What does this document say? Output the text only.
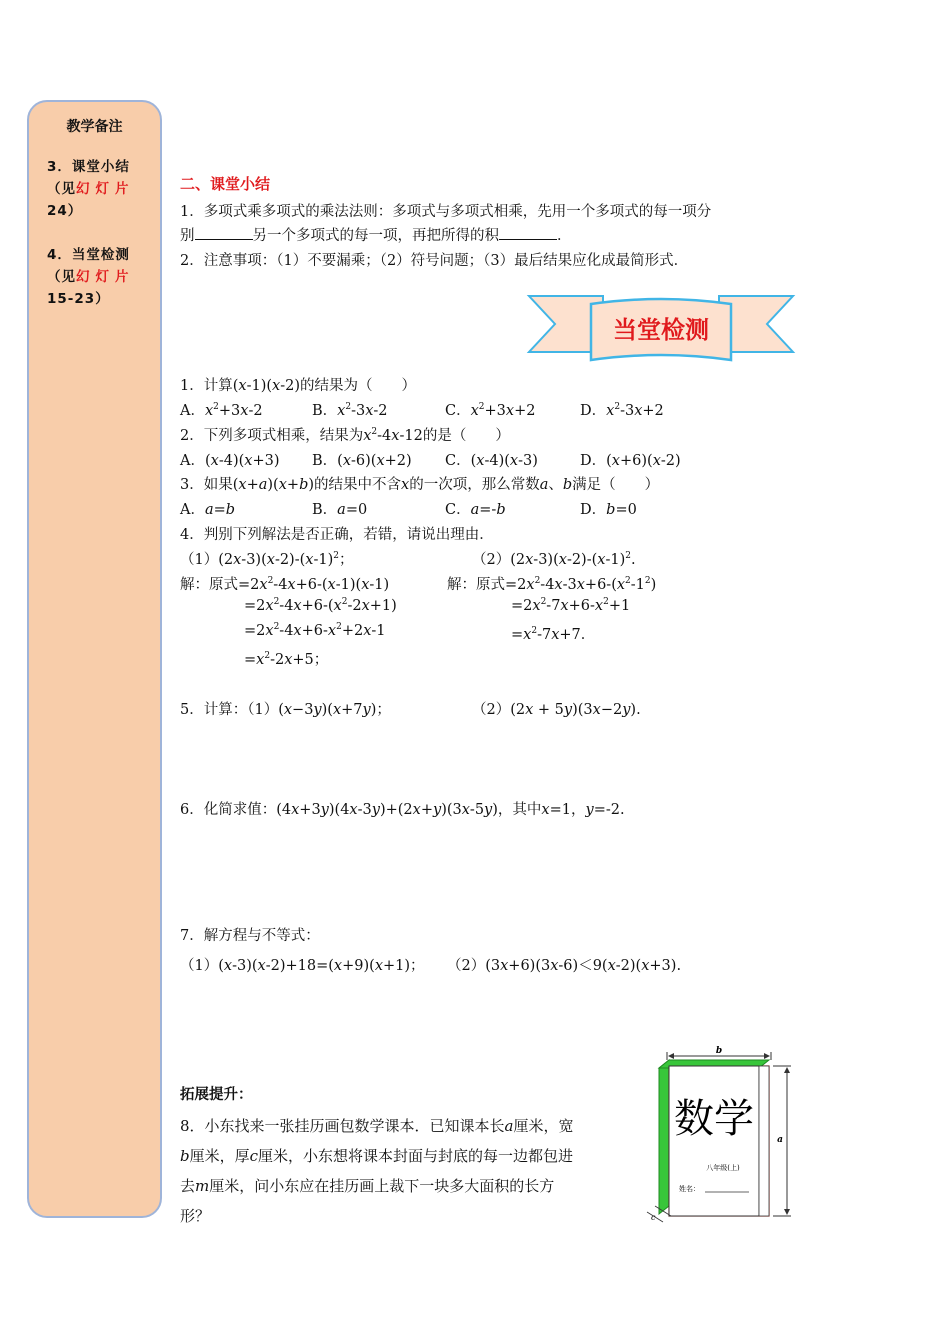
教学备注
3．课堂小结
（见幻灯片
24）
4．当堂检测
（见幻灯片
15-23）
二、课堂小结
1．多项式乘多项式的乘法法则：多项式与多项式相乘，先用一个多项式的每一项分
别	另一个多项式的每一项，再把所得的积	．
2．注意事项：（1）不要漏乘；（2）符号问题；（3）最后结果应化成最简形式．
当堂检测
1．计算(x-1)(x-2)的结果为（　　）
A．$x^2+3x-2$	B．$x^2-3x-2$	C．$x^2+3x+2$	D．$x^2-3x+2$
2．下列多项式相乘，结果为$x^2-4x-12$的是（　　）
A．(x-4)(x+3) B．(x-6)(x+2) C．(x-4)(x-3)	D．(x+6)(x-2)
3．如果(x+a)(x+b)的结果中不含x的一次项，那么常数a、b满足（　　）
A．a=b	B．a=0	C．a=-b	D．b=0
4．判别下列解法是否正确，若错，请说出理由．
$(1)(2x-3)(x-2)-(x-1)^2$；	$(2)(2x-3)(x-2)-(x-1)^2$.
解：原式$=2x^2-4x+6-(x-1)(x-1)$
$=2x^2-4x+6-(x^2-2x+1)$
$=2x^2-4x+6-x^2+2x-1$
$=x^2-2x+5$；
解：原式$=2x^2-4x-3x+6-(x^2-1^2)$
$=2x^2-7x+6-x^2+1$
$=x^2-7x+7$．
5．计算：（1）(x−3y)(x+7y)；	（2）(2x + 5y)(3x−2y).
6．化简求值：(4x+3y)(4x-3y)+(2x+y)(3x-5y)，其中x=1，y=-2.
7．解方程与不等式：
（1）(x-3)(x-2)+18=(x+9)(x+1)； （2）(3x+6)(3x-6)＜9(x-2)(x+3).
拓展提升：
8．小东找来一张挂历画包数学课本．已知课本长a厘米，宽
b厘米，厚c厘米，小东想将课本封面与封底的每一边都包进
去m厘米，问小东应在挂历画上裁下一块多大面积的长方
形？
b
a
数学
八年级(上)
姓名：
c
